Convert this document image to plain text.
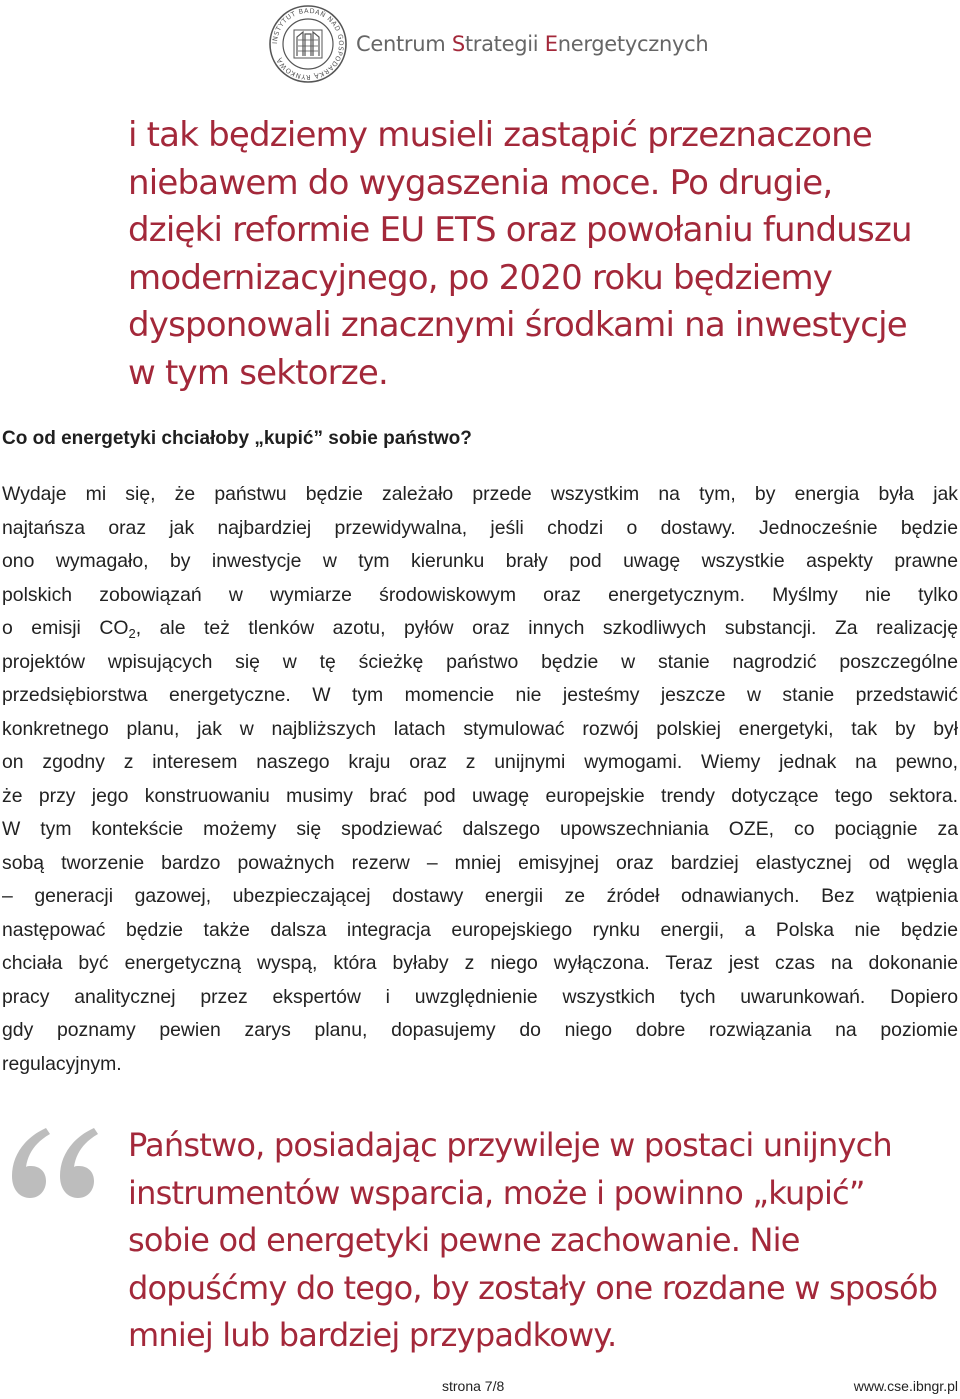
INSTYTUT BADAŃ NAD GOSPODARKĄ RYNKOWĄ
Centrum Strategii Energetycznych

i tak będziemy musieli zastąpić przeznaczone

niebawem do wygaszenia moce. Po drugie,

dzięki reformie EU ETS oraz powołaniu funduszu

modernizacyjnego, po 2020 roku będziemy

dysponowali znacznymi środkami na inwestycje

w tym sektorze.

Co od energetyki chciałoby „kupić” sobie państwo?
Wydaje mi się, że państwu będzie zależało przede wszystkim na tym, by energia była jak
najtańsza oraz jak najbardziej przewidywalna, jeśli chodzi o dostawy. Jednocześnie będzie
ono wymagało, by inwestycje w tym kierunku brały pod uwagę wszystkie aspekty prawne
polskich zobowiązań w wymiarze środowiskowym oraz energetycznym. Myślmy nie tylko
o emisji $CO_2$, ale też tlenków azotu, pyłów oraz innych szkodliwych substancji. Za realizację
projektów wpisujących się w tę ścieżkę państwo będzie w stanie nagrodzić poszczególne
przedsiębiorstwa energetyczne. W tym momencie nie jesteśmy jeszcze w stanie przedstawić
konkretnego planu, jak w najbliższych latach stymulować rozwój polskiej energetyki, tak by był
on zgodny z interesem naszego kraju oraz z unijnymi wymogami. Wiemy jednak na pewno,
że przy jego konstruowaniu musimy brać pod uwagę europejskie trendy dotyczące tego sektora.
W tym kontekście możemy się spodziewać dalszego upowszechniania OZE, co pociągnie za
sobą tworzenie bardzo poważnych rezerw – mniej emisyjnej oraz bardziej elastycznej od węgla
– generacji gazowej, ubezpieczającej dostawy energii ze źródeł odnawianych. Bez wątpienia
następować będzie także dalsza integracja europejskiego rynku energii, a Polska nie będzie
chciała być energetyczną wyspą, która byłaby z niego wyłączona. Teraz jest czas na dokonanie
pracy analitycznej przez ekspertów i uwzględnienie wszystkich tych uwarunkowań. Dopiero
gdy poznamy pewien zarys planu, dopasujemy do niego dobre rozwiązania na poziomie
regulacyjnym.

Państwo, posiadając przywileje w postaci unijnych

instrumentów wsparcia, może i powinno „kupić”

sobie od energetyki pewne zachowanie. Nie

dopuśćmy do tego, by zostały one rozdane w sposób

mniej lub bardziej przypadkowy.

strona 7/8	www.cse.ibngr.pl
